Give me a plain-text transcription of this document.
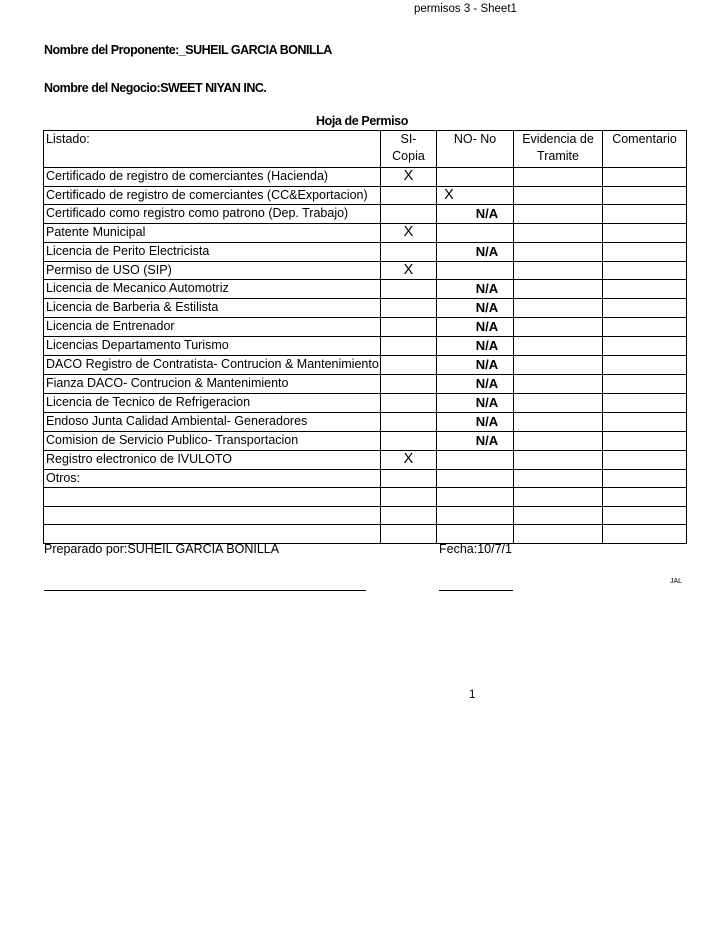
permisos 3 - Sheet1
Nombre del Proponente:_SUHEIL GARCIA BONILLA
Nombre del Negocio:SWEET NIYAN INC.
Hoja de Permiso
Listado:	SI- Copia	NO- No	Evidencia de Tramite	Comentario
Certificado de registro de comerciantes (Hacienda)	X			
Certificado de registro de comerciantes (CC&Exportacion)		X		
Certificado como registro como patrono (Dep. Trabajo)		N/A		
Patente Municipal	X			
Licencia de Perito Electricista		N/A		
Permiso de USO (SIP)	X			
Licencia de Mecanico Automotriz		N/A		
Licencia de Barberia & Estilista		N/A		
Licencia de Entrenador		N/A		
Licencias Departamento Turismo		N/A		
DACO Registro de Contratista- Contrucion & Mantenimiento		N/A		
Fianza DACO- Contrucion & Mantenimiento		N/A		
Licencia de Tecnico de Refrigeracion		N/A		
Endoso Junta Calidad Ambiental- Generadores		N/A		
Comision de Servicio Publico- Transportacion		N/A		
Registro electronico de IVULOTO	X			
Otros:				

Preparado por:SUHEIL GARCIA BONILLA	Fecha:10/7/1
JAL
1
